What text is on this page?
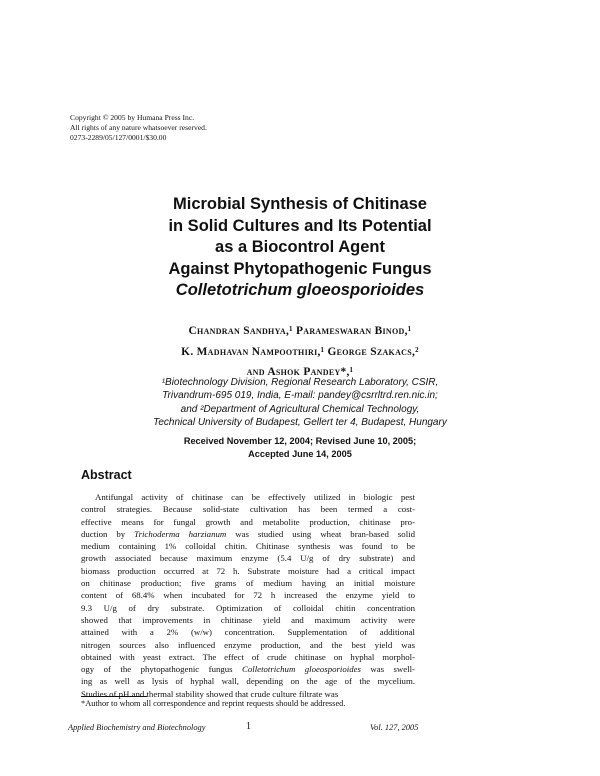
Copyright © 2005 by Humana Press Inc.
All rights of any nature whatsoever reserved.
0273-2289/05/127/0001/$30.00
Microbial Synthesis of Chitinase
in Solid Cultures and Its Potential
as a Biocontrol Agent
Against Phytopathogenic Fungus
Colletotrichum gloeosporioides
Chandran Sandhya,¹ Parameswaran Binod,¹
K. Madhavan Nampoothiri,¹ George Szakacs,²
and Ashok Pandey*,¹
¹Biotechnology Division, Regional Research Laboratory, CSIR,
Trivandrum-695 019, India, E-mail: pandey@csrrltrd.ren.nic.in;
and ²Department of Agricultural Chemical Technology,
Technical University of Budapest, Gellert ter 4, Budapest, Hungary
Received November 12, 2004; Revised June 10, 2005;
Accepted June 14, 2005
Abstract
Antifungal activity of chitinase can be effectively utilized in biologic pest
control strategies. Because solid-state cultivation has been termed a cost-
effective means for fungal growth and metabolite production, chitinase pro-
duction by Trichoderma harzianum was studied using wheat bran-based solid
medium containing 1% colloidal chitin. Chitinase synthesis was found to be
growth associated because maximum enzyme (5.4 U/g of dry substrate) and
biomass production occurred at 72 h. Substrate moisture had a critical impact
on chitinase production; five grams of medium having an initial moisture
content of 68.4% when incubated for 72 h increased the enzyme yield to
9.3 U/g of dry substrate. Optimization of colloidal chitin concentration
showed that improvements in chitinase yield and maximum activity were
attained with a 2% (w/w) concentration. Supplementation of additional
nitrogen sources also influenced enzyme production, and the best yield was
obtained with yeast extract. The effect of crude chitinase on hyphal morphol-
ogy of the phytopathogenic fungus Colletotrichum gloeosporioides was swell-
ing as well as lysis of hyphal wall, depending on the age of the mycelium.
Studies of pH and thermal stability showed that crude culture filtrate was
*Author to whom all correspondence and reprint requests should be addressed.
Applied Biochemistry and Biotechnology	1	Vol. 127, 2005
